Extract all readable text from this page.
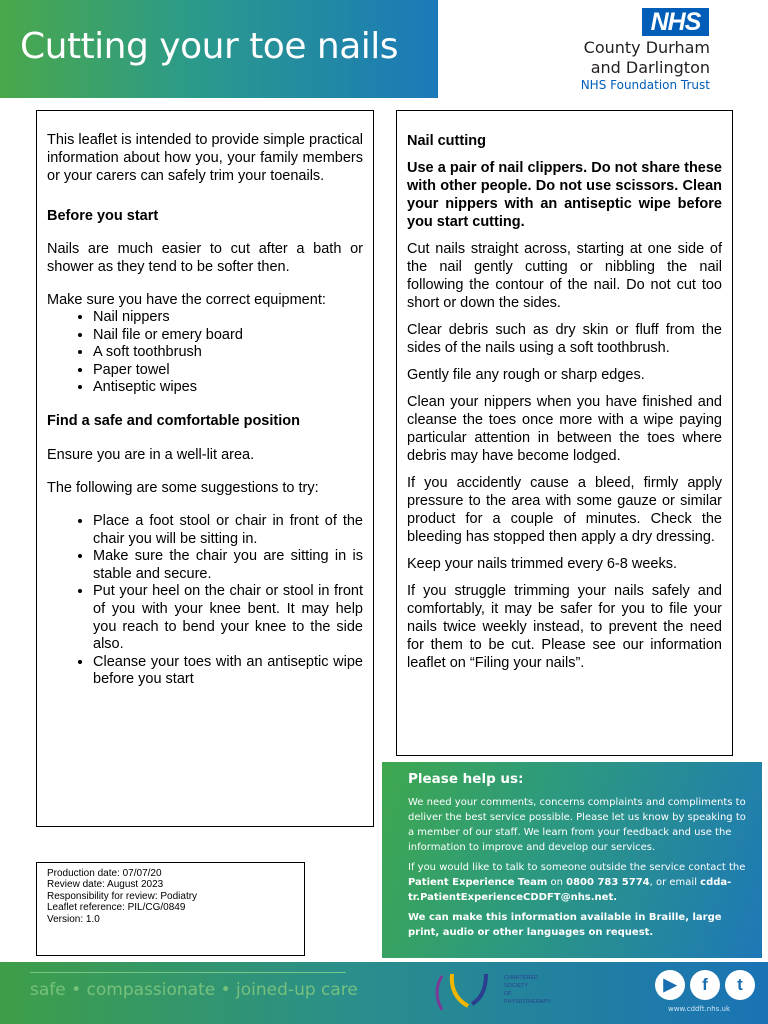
Cutting your toe nails
NHS
County Durham
and Darlington
NHS Foundation Trust

This leaflet is intended to provide simple practical information about how you, your family members or your carers can safely trim your toenails.

Before you start

Nails are much easier to cut after a bath or shower as they tend to be softer then.

Make sure you have the correct equipment:

• Nail nippers
• Nail file or emery board
• A soft toothbrush
• Paper towel
• Antiseptic wipes

Find a safe and comfortable position

Ensure you are in a well-lit area.

The following are some suggestions to try:

• Place a foot stool or chair in front of the chair you will be sitting in.
• Make sure the chair you are sitting in is stable and secure.
• Put your heel on the chair or stool in front of you with your knee bent. It may help you reach to bend your knee to the side also.
• Cleanse your toes with an antiseptic wipe before you start

Nail cutting

Use a pair of nail clippers. Do not share these with other people. Do not use scissors. Clean your nippers with an antiseptic wipe before you start cutting.

Cut nails straight across, starting at one side of the nail gently cutting or nibbling the nail following the contour of the nail. Do not cut too short or down the sides.

Clear debris such as dry skin or fluff from the sides of the nails using a soft toothbrush.

Gently file any rough or sharp edges.

Clean your nippers when you have finished and cleanse the toes once more with a wipe paying particular attention in between the toes where debris may have become lodged.

If you accidently cause a bleed, firmly apply pressure to the area with some gauze or similar product for a couple of minutes. Check the bleeding has stopped then apply a dry dressing.

Keep your nails trimmed every 6-8 weeks.

If you struggle trimming your nails safely and comfortably, it may be safer for you to file your nails twice weekly instead, to prevent the need for them to be cut. Please see our information leaflet on “Filing your nails”.

Production date: 07/07/20
Review date: August 2023
Responsibility for review: Podiatry
Leaflet reference: PIL/CG/0849
Version: 1.0
Please help us:
We need your comments, concerns complaints and compliments to deliver the best service possible. Please let us know by speaking to a member of our staff. We learn from your feedback and use the information to improve and develop our services.
If you would like to talk to someone outside the service contact the Patient Experience Team on 0800 783 5774, or email cdda-tr.PatientExperienceCDDFT@nhs.net.
We can make this information available in Braille, large print, audio or other languages on request.
safe • compassionate • joined-up care
CHARTERED SOCIETY OF PHYSIOTHERAPY
▶	f	t
www.cddft.nhs.uk
